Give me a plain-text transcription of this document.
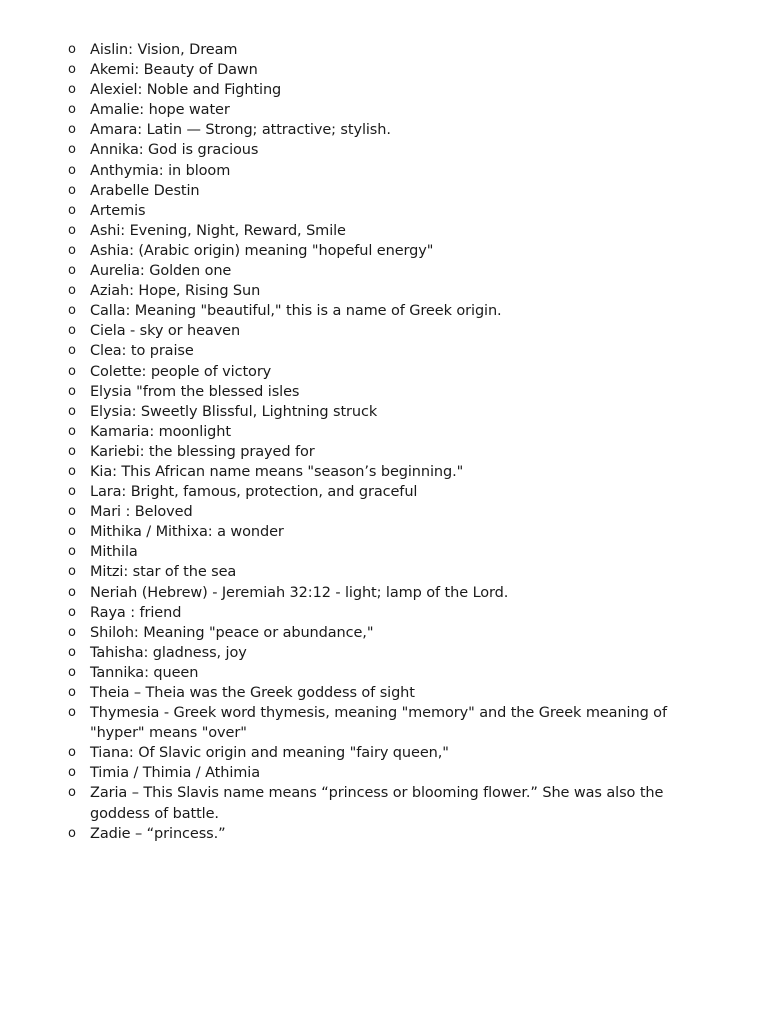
o Aislin: Vision, Dream
o Akemi: Beauty of Dawn
o Alexiel: Noble and Fighting
o Amalie: hope water
o Amara: Latin — Strong; attractive; stylish.
o Annika: God is gracious
o Anthymia: in bloom
o Arabelle Destin
o Artemis
o Ashi: Evening, Night, Reward, Smile
o Ashia: (Arabic origin) meaning "hopeful energy"
o Aurelia: Golden one
o Aziah: Hope, Rising Sun
o Calla: Meaning "beautiful," this is a name of Greek origin.
o Ciela - sky or heaven
o Clea: to praise
o Colette: people of victory
o Elysia "from the blessed isles
o Elysia: Sweetly Blissful, Lightning struck
o Kamaria: moonlight
o Kariebi: the blessing prayed for
o Kia: This African name means "season’s beginning."
o Lara: Bright, famous, protection, and graceful
o Mari : Beloved
o Mithika / Mithixa: a wonder
o Mithila
o Mitzi: star of the sea
o Neriah (Hebrew) - Jeremiah 32:12 - light; lamp of the Lord.
o Raya : friend
o Shiloh: Meaning "peace or abundance,"
o Tahisha: gladness, joy
o Tannika: queen
o Theia – Theia was the Greek goddess of sight
o Thymesia - Greek word thymesis, meaning "memory" and the Greek meaning of "hyper" means "over"
o Tiana: Of Slavic origin and meaning "fairy queen,"
o Timia / Thimia / Athimia
o Zaria – This Slavis name means “princess or blooming flower.” She was also the goddess of battle.
o Zadie – “princess.”
